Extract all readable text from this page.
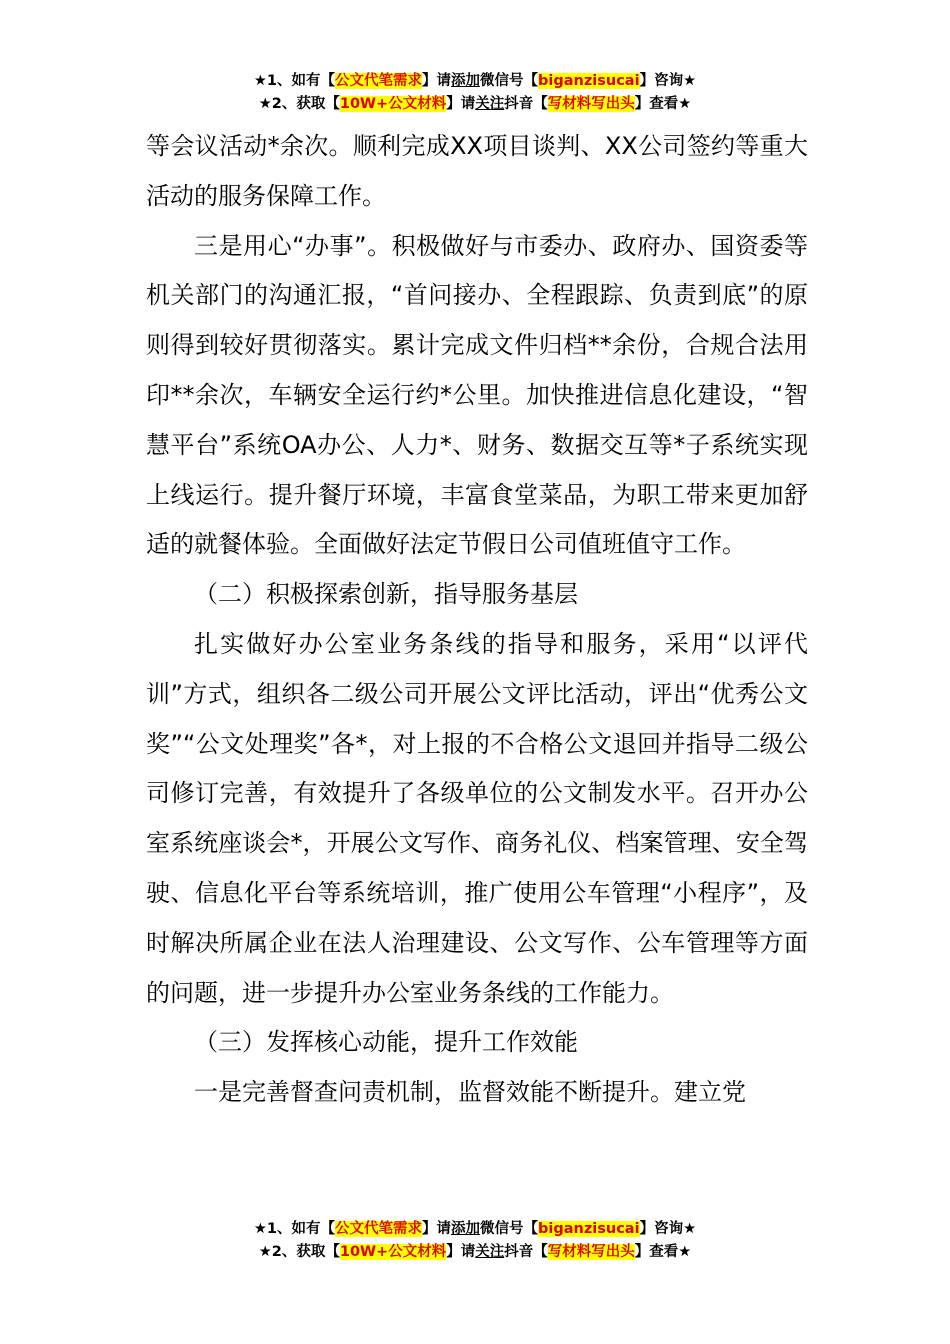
★1、如有【公文代笔需求】请添加微信号【biganzisucai】咨询★
★2、获取【10W+公文材料】请关注抖音【写材料写出头】查看★

等会议活动*余次。顺利完成XX项目谈判、XX公司签约等重大活动的服务保障工作。

三是用心“办事”。积极做好与市委办、政府办、国资委等机关部门的沟通汇报，“首问接办、全程跟踪、负责到底”的原则得到较好贯彻落实。累计完成文件归档**余份，合规合法用印**余次，车辆安全运行约*公里。加快推进信息化建设，“智慧平台”系统OA办公、人力*、财务、数据交互等*子系统实现上线运行。提升餐厅环境，丰富食堂菜品，为职工带来更加舒适的就餐体验。全面做好法定节假日公司值班值守工作。

（二）积极探索创新，指导服务基层

扎实做好办公室业务条线的指导和服务，采用“以评代训”方式，组织各二级公司开展公文评比活动，评出“优秀公文奖”“公文处理奖”各*，对上报的不合格公文退回并指导二级公司修订完善，有效提升了各级单位的公文制发水平。召开办公室系统座谈会*，开展公文写作、商务礼仪、档案管理、安全驾驶、信息化平台等系统培训，推广使用公车管理“小程序”，及时解决所属企业在法人治理建设、公文写作、公车管理等方面的问题，进一步提升办公室业务条线的工作能力。

（三）发挥核心动能，提升工作效能

一是完善督查问责机制，监督效能不断提升。建立党

★1、如有【公文代笔需求】请添加微信号【biganzisucai】咨询★
★2、获取【10W+公文材料】请关注抖音【写材料写出头】查看★
